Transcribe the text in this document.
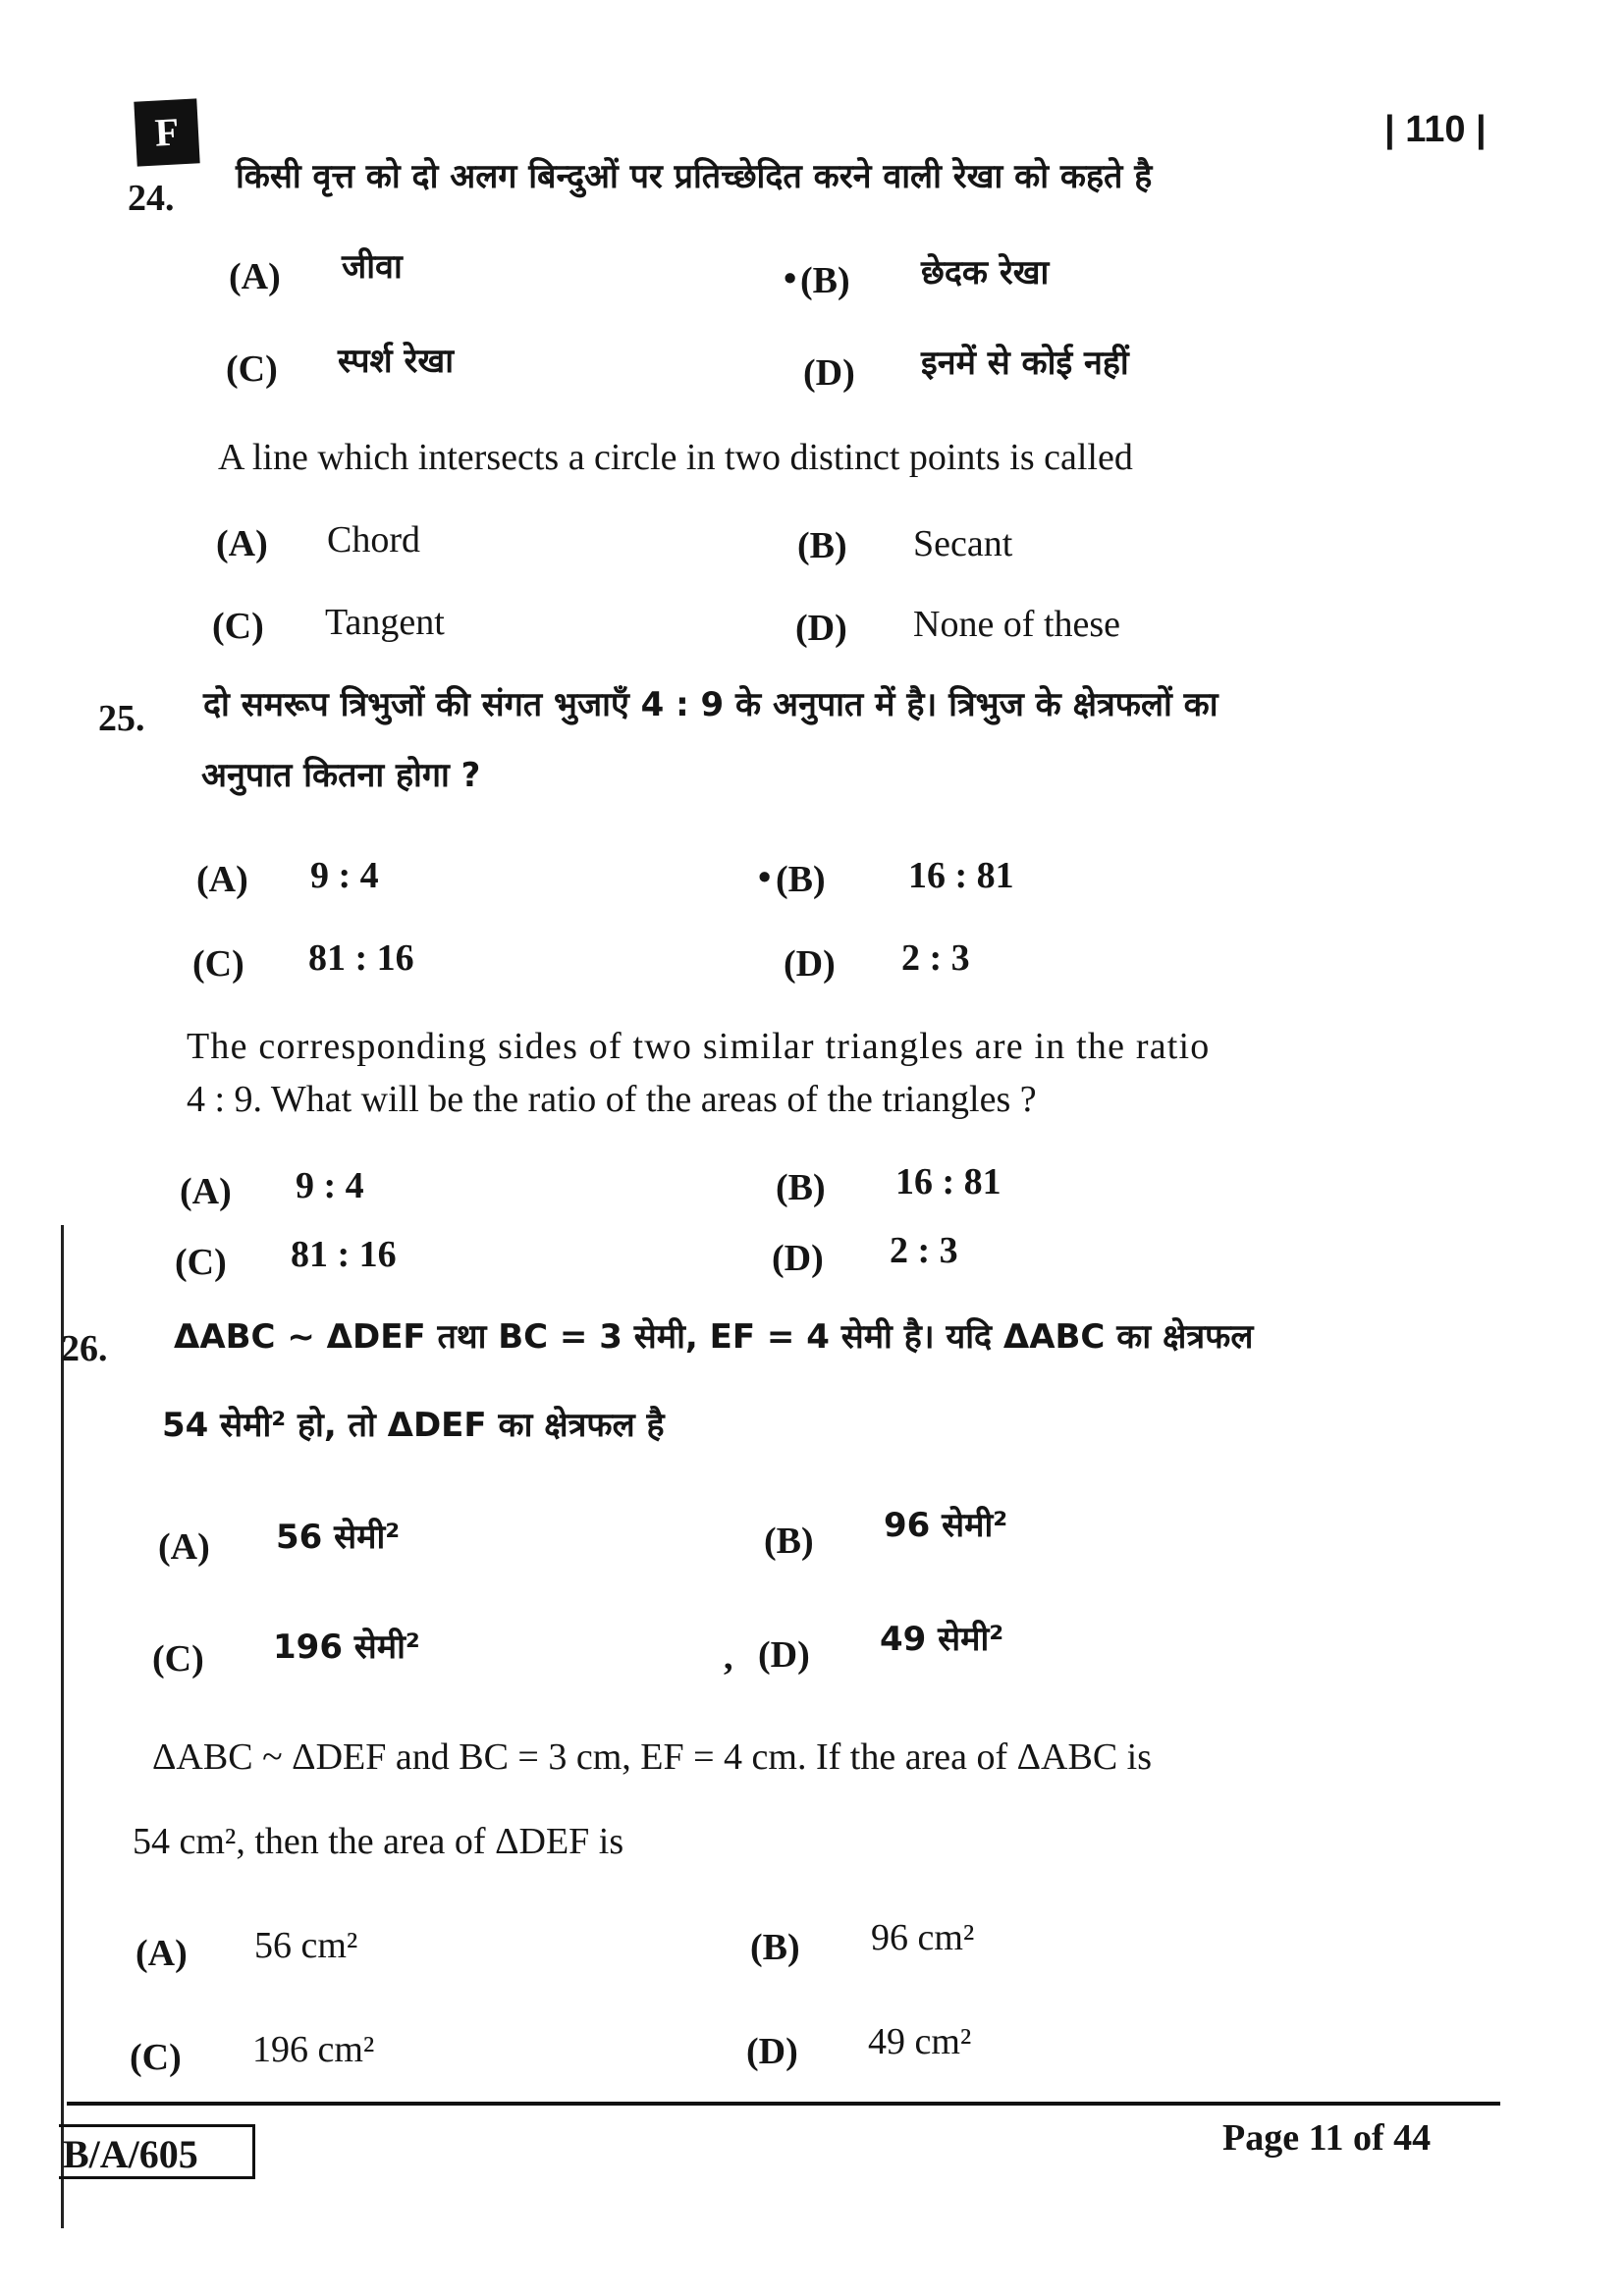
F	| 110 |
24.
किसी वृत्त को दो अलग बिन्दुओं पर प्रतिच्छेदित करने वाली रेखा को कहते है
(A) जीवा	• (B) छेदक रेखा
(C) स्पर्श रेखा	(D) इनमें से कोई नहीं
A line which intersects a circle in two distinct points is called
(A) Chord	(B) Secant
(C) Tangent	(D) None of these
25. दो समरूप त्रिभुजों की संगत भुजाएँ 4 : 9 के अनुपात में है। त्रिभुज के क्षेत्रफलों का
अनुपात कितना होगा ?
(A) 9 : 4	• (B) 16 : 81
(C) 81 : 16	(D) 2 : 3
The corresponding sides of two similar triangles are in the ratio
4 : 9. What will be the ratio of the areas of the triangles ?
(A) 9 : 4	(B) 16 : 81
(C) 81 : 16	(D) 2 : 3
26. ΔABC ~ ΔDEF तथा BC = 3 सेमी, EF = 4 सेमी है। यदि ΔABC का क्षेत्रफल
54 सेमी² हो, तो ΔDEF का क्षेत्रफल है
(A) 56 सेमी²	(B) 96 सेमी²
(C) 196 सेमी²	, (D) 49 सेमी²
ΔABC ~ ΔDEF and BC = 3 cm, EF = 4 cm. If the area of ΔABC is
54 cm², then the area of ΔDEF is
(A) 56 cm²	(B) 96 cm²
(C) 196 cm²	(D) 49 cm²
B/A/605	Page 11 of 44
